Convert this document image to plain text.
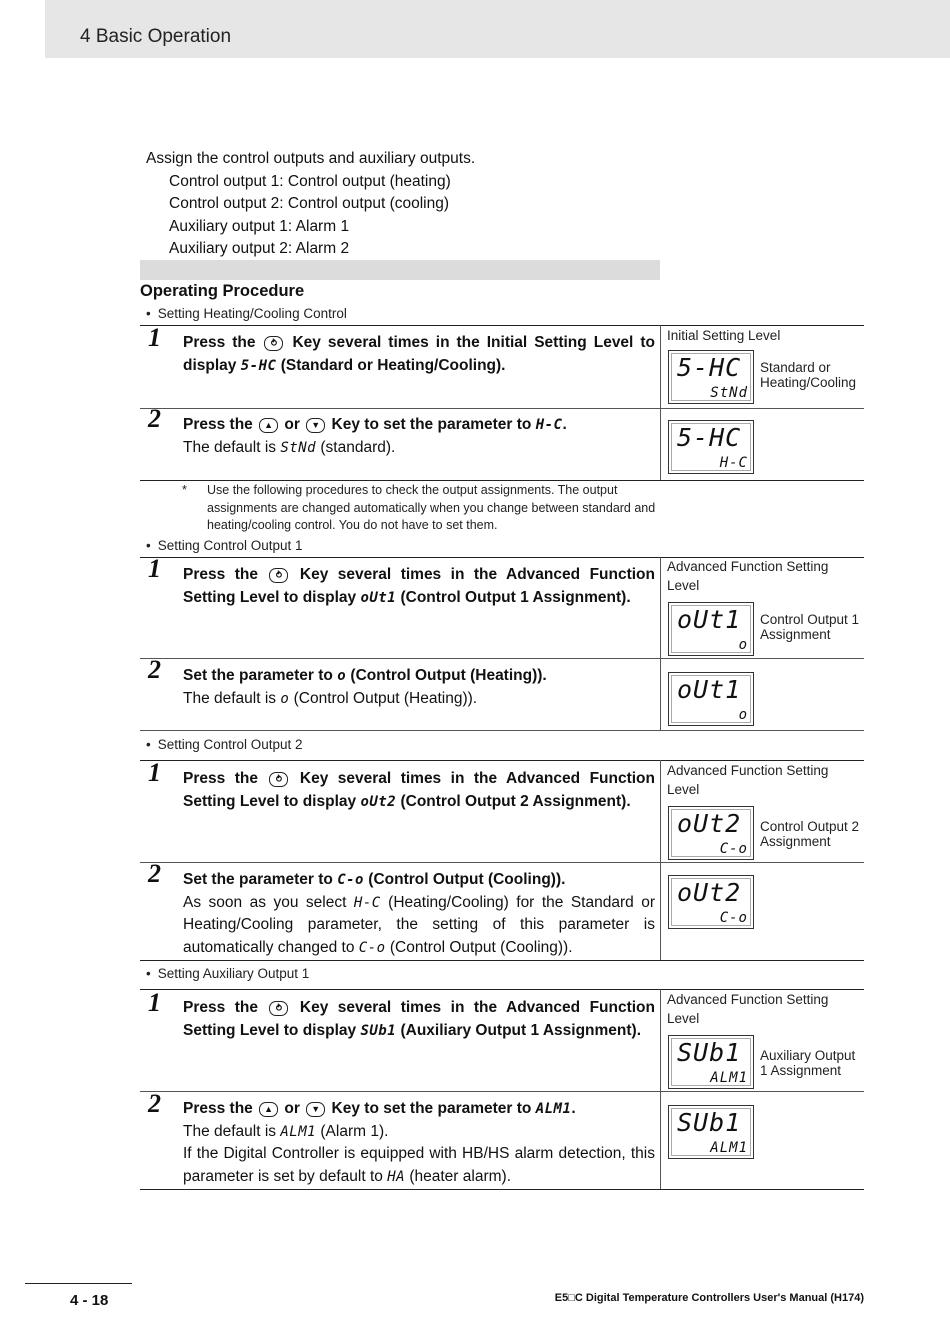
4 Basic Operation
Assign the control outputs and auxiliary outputs.
Control output 1: Control output (heating)
Control output 2: Control output (cooling)
Auxiliary output 1: Alarm 1
Auxiliary output 2: Alarm 2
Operating Procedure
• Setting Heating/Cooling Control
Initial Setting Level
1 Press the ⥁ Key several times in the Initial Setting Level to display 5-HC (Standard or Heating/Cooling).	5-HC
StNd
Standard or Heating/Cooling
2 Press the ▲ or ▼ Key to set the parameter to H-C.
The default is StNd (standard).	5-HC
H-C
*	Use the following procedures to check the output assignments. The output assignments are changed automatically when you change between standard and heating/cooling control. You do not have to set them.
• Setting Control Output 1
Advanced Function Setting Level
1 Press the ⥁ Key several times in the Advanced Function Setting Level to display oUt1 (Control Output 1 Assignment).
oUt1
o
Control Output 1 Assignment
2 Set the parameter to o (Control Output (Heating)).
The default is o (Control Output (Heating)).	oUt1
o
• Setting Control Output 2
Advanced Function Setting Level
1 Press the ⥁ Key several times in the Advanced Function Setting Level to display oUt2 (Control Output 2 Assignment).
oUt2
C-o
Control Output 2 Assignment
2 Set the parameter to C-o (Control Output (Cooling)).
As soon as you select H-C (Heating/Cooling) for the Standard or Heating/Cooling parameter, the setting of this parameter is automatically changed to C-o (Control Output (Cooling)).
oUt2
C-o
• Setting Auxiliary Output 1
Advanced Function Setting Level
1 Press the ⥁ Key several times in the Advanced Function Setting Level to display SUb1 (Auxiliary Output 1 Assignment).
SUb1
ALM1
Auxiliary Output 1 Assignment
2 Press the ▲ or ▼ Key to set the parameter to ALM1.
The default is ALM1 (Alarm 1).
If the Digital Controller is equipped with HB/HS alarm detection, this parameter is set by default to HA (heater alarm).
SUb1
ALM1
4 - 18	E5□C Digital Temperature Controllers User's Manual (H174)
